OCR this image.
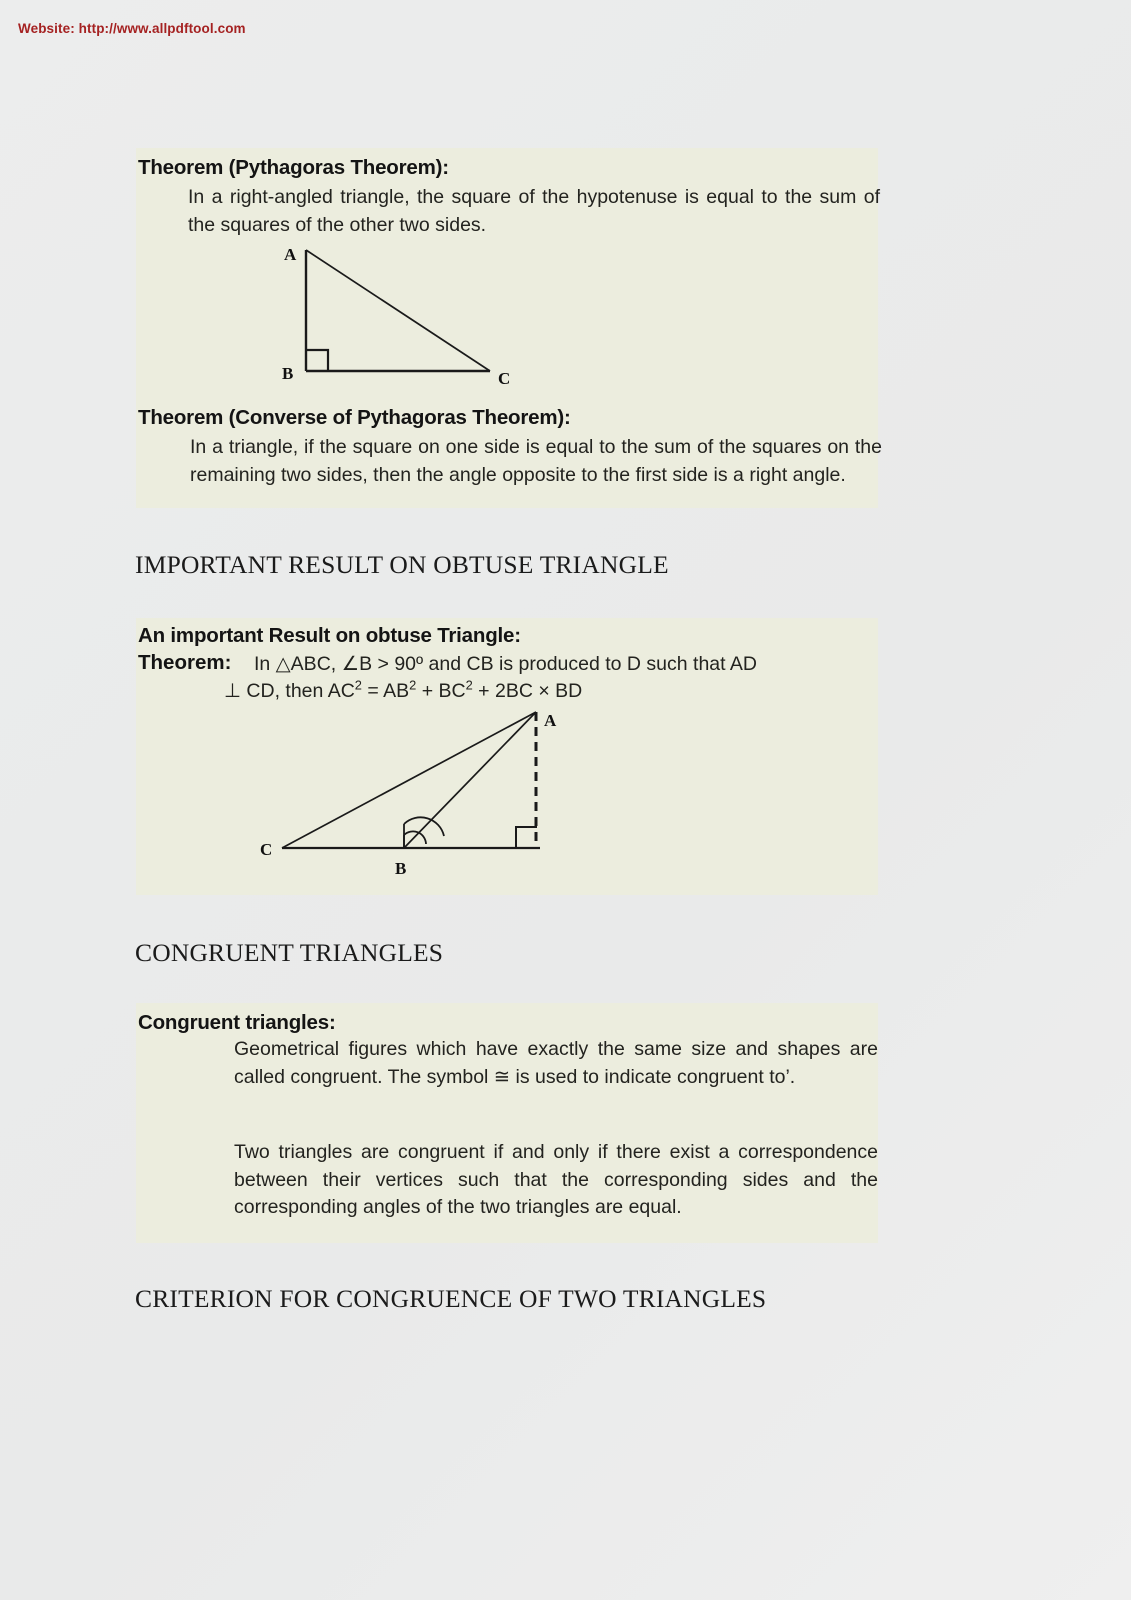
Website: http://www.allpdftool.com
Theorem (Pythagoras Theorem):
In a right-angled triangle, the square of the hypotenuse is equal to the sum of the squares of the other two sides.
A
B	C
Theorem (Converse of Pythagoras Theorem):
In a triangle, if the square on one side is equal to the sum of the squares on the remaining two sides, then the angle opposite to the first side is a right angle.
IMPORTANT RESULT ON OBTUSE TRIANGLE
An important Result on obtuse Triangle:
Theorem: In △ABC, ∠B > 90º and CB is produced to D such that AD
⊥ CD, then $AC^2 = AB^2 + BC^2 + 2BC$ × BD
A
B
C
CONGRUENT TRIANGLES
Congruent triangles:
Geometrical figures which have exactly the same size and shapes are called congruent. The symbol ≅ is used to indicate congruent to’.
Two triangles are congruent if and only if there exist a correspondence between their vertices such that the corresponding sides and the corresponding angles of the two triangles are equal.
CRITERION FOR CONGRUENCE OF TWO TRIANGLES
